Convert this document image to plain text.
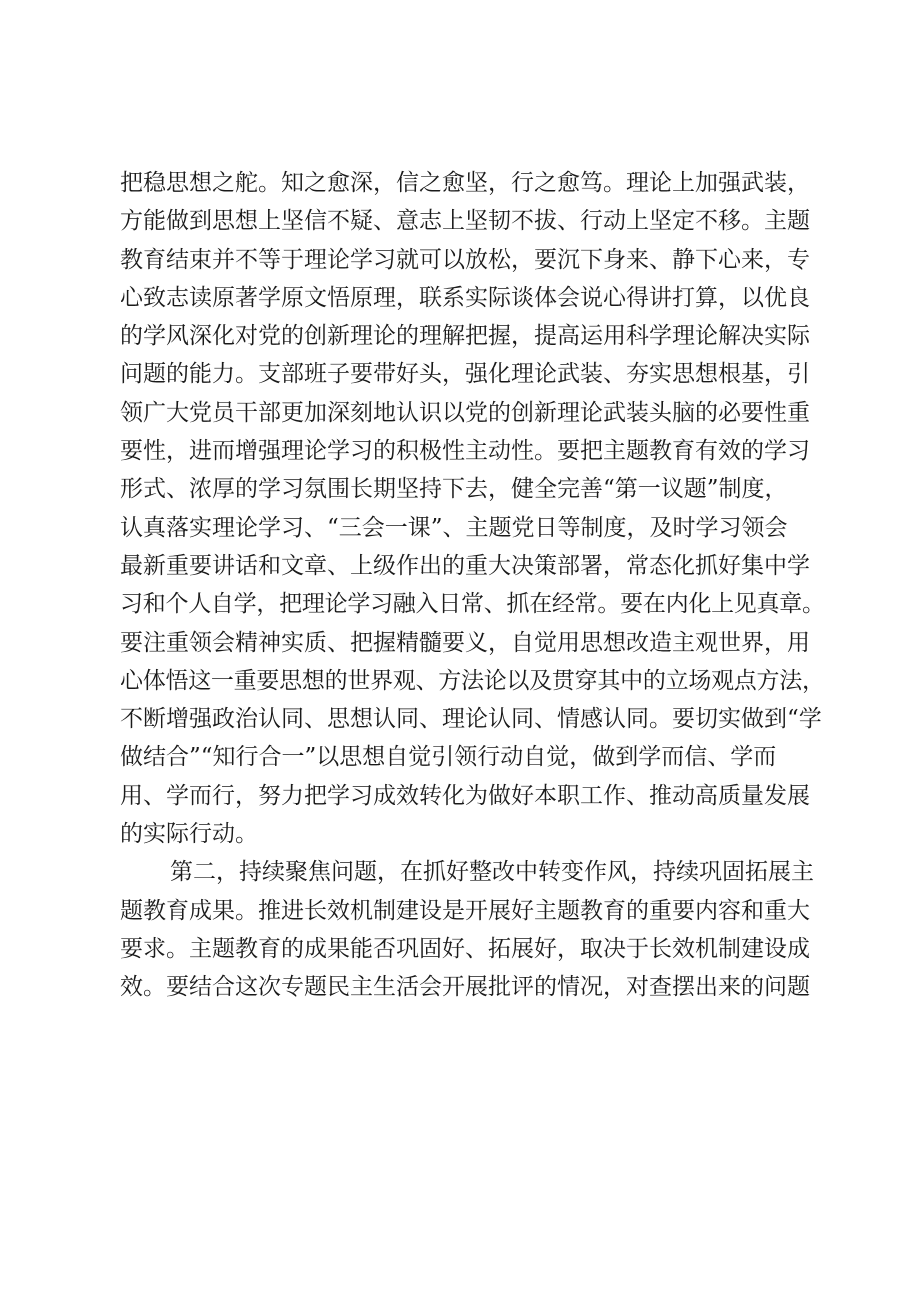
把稳思想之舵。知之愈深，信之愈坚，行之愈笃。理论上加强武装，
方能做到思想上坚信不疑、意志上坚韧不拔、行动上坚定不移。主题
教育结束并不等于理论学习就可以放松，要沉下身来、静下心来，专
心致志读原著学原文悟原理，联系实际谈体会说心得讲打算，以优良
的学风深化对党的创新理论的理解把握，提高运用科学理论解决实际
问题的能力。支部班子要带好头，强化理论武装、夯实思想根基，引
领广大党员干部更加深刻地认识以党的创新理论武装头脑的必要性重
要性，进而增强理论学习的积极性主动性。要把主题教育有效的学习
形式、浓厚的学习氛围长期坚持下去，健全完善“第一议题”制度，
认真落实理论学习、“三会一课”、主题党日等制度，及时学习领会
最新重要讲话和文章、上级作出的重大决策部署，常态化抓好集中学
习和个人自学，把理论学习融入日常、抓在经常。要在内化上见真章。
要注重领会精神实质、把握精髓要义，自觉用思想改造主观世界，用
心体悟这一重要思想的世界观、方法论以及贯穿其中的立场观点方法，
不断增强政治认同、思想认同、理论认同、情感认同。要切实做到“学
做结合”“知行合一”以思想自觉引领行动自觉，做到学而信、学而
用、学而行，努力把学习成效转化为做好本职工作、推动高质量发展
的实际行动。
第二，持续聚焦问题，在抓好整改中转变作风，持续巩固拓展主
题教育成果。推进长效机制建设是开展好主题教育的重要内容和重大
要求。主题教育的成果能否巩固好、拓展好，取决于长效机制建设成
效。要结合这次专题民主生活会开展批评的情况，对查摆出来的问题
